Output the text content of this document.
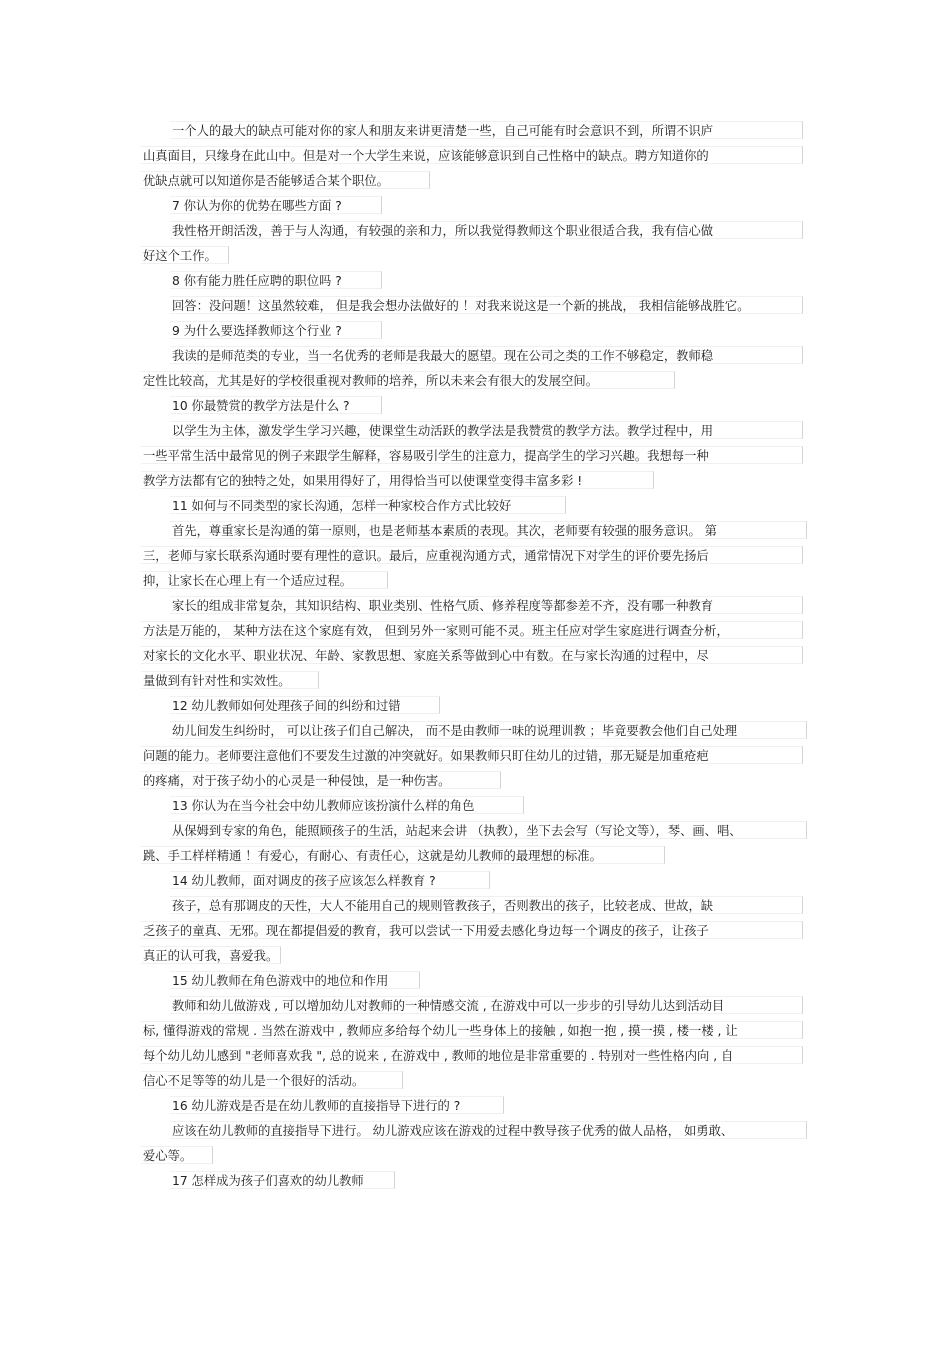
一个人的最大的缺点可能对你的家人和朋友来讲更清楚一些，自己可能有时会意识不到，所谓不识庐
山真面目，只缘身在此山中。但是对一个大学生来说，应该能够意识到自己性格中的缺点。聘方知道你的
优缺点就可以知道你是否能够适合某个职位。
7 你认为你的优势在哪些方面 ?
我性格开朗活泼，善于与人沟通，有较强的亲和力，所以我觉得教师这个职业很适合我，我有信心做
好这个工作。
8 你有能力胜任应聘的职位吗 ?
回答：没问题！这虽然较难， 但是我会想办法做好的 ！对我来说这是一个新的挑战， 我相信能够战胜它。
9 为什么要选择教师这个行业 ?
我读的是师范类的专业，当一名优秀的老师是我最大的愿望。现在公司之类的工作不够稳定，教师稳
定性比较高，尤其是好的学校很重视对教师的培养，所以未来会有很大的发展空间。
10 你最赞赏的教学方法是什么 ?
以学生为主体，激发学生学习兴趣，使课堂生动活跃的教学法是我赞赏的教学方法。教学过程中，用
一些平常生活中最常见的例子来跟学生解释，容易吸引学生的注意力，提高学生的学习兴趣。我想每一种
教学方法都有它的独特之处，如果用得好了，用得恰当可以使课堂变得丰富多彩 !
11 如何与不同类型的家长沟通，怎样一种家校合作方式比较好
首先，尊重家长是沟通的第一原则，也是老师基本素质的表现。其次，老师要有较强的服务意识。 第
三，老师与家长联系沟通时要有理性的意识。最后，应重视沟通方式，通常情况下对学生的评价要先扬后
抑，让家长在心理上有一个适应过程。
家长的组成非常复杂，其知识结构、职业类别、性格气质、修养程度等都参差不齐，没有哪一种教育
方法是万能的， 某种方法在这个家庭有效， 但到另外一家则可能不灵。班主任应对学生家庭进行调查分析，
对家长的文化水平、职业状况、年龄、家教思想、家庭关系等做到心中有数。在与家长沟通的过程中，尽
量做到有针对性和实效性。
12 幼儿教师如何处理孩子间的纠纷和过错
幼儿间发生纠纷时， 可以让孩子们自己解决， 而不是由教师一味的说理训教 ；毕竟要教会他们自己处理
问题的能力。老师要注意他们不要发生过激的冲突就好。如果教师只盯住幼儿的过错，那无疑是加重疮疤
的疼痛，对于孩子幼小的心灵是一种侵蚀，是一种伤害。
13 你认为在当今社会中幼儿教师应该扮演什么样的角色
从保姆到专家的角色，能照顾孩子的生活，站起来会讲 （执教），坐下去会写（写论文等），琴、画、唱、
跳、手工样样精通 ！有爱心，有耐心、有责任心，这就是幼儿教师的最理想的标准。
14 幼儿教师，面对调皮的孩子应该怎么样教育 ?
孩子，总有那调皮的天性，大人不能用自己的规则管教孩子，否则教出的孩子，比较老成、世故，缺
乏孩子的童真、无邪。现在都提倡爱的教育，我可以尝试一下用爱去感化身边每一个调皮的孩子，让孩子
真正的认可我，喜爱我。
15 幼儿教师在角色游戏中的地位和作用
教师和幼儿做游戏 , 可以增加幼儿对教师的一种情感交流 , 在游戏中可以一步步的引导幼儿达到活动目
标, 懂得游戏的常规 . 当然在游戏中 , 教师应多给每个幼儿一些身体上的接触 , 如抱一抱 , 摸一摸 , 楼一楼 , 让
每个幼儿幼儿感到 "老师喜欢我 ", 总的说来 , 在游戏中 , 教师的地位是非常重要的 . 特别对一些性格内向 , 自
信心不足等等的幼儿是一个很好的活动。
16 幼儿游戏是否是在幼儿教师的直接指导下进行的 ?
应该在幼儿教师的直接指导下进行。 幼儿游戏应该在游戏的过程中教导孩子优秀的做人品格， 如勇敢、
爱心等。
17 怎样成为孩子们喜欢的幼儿教师
